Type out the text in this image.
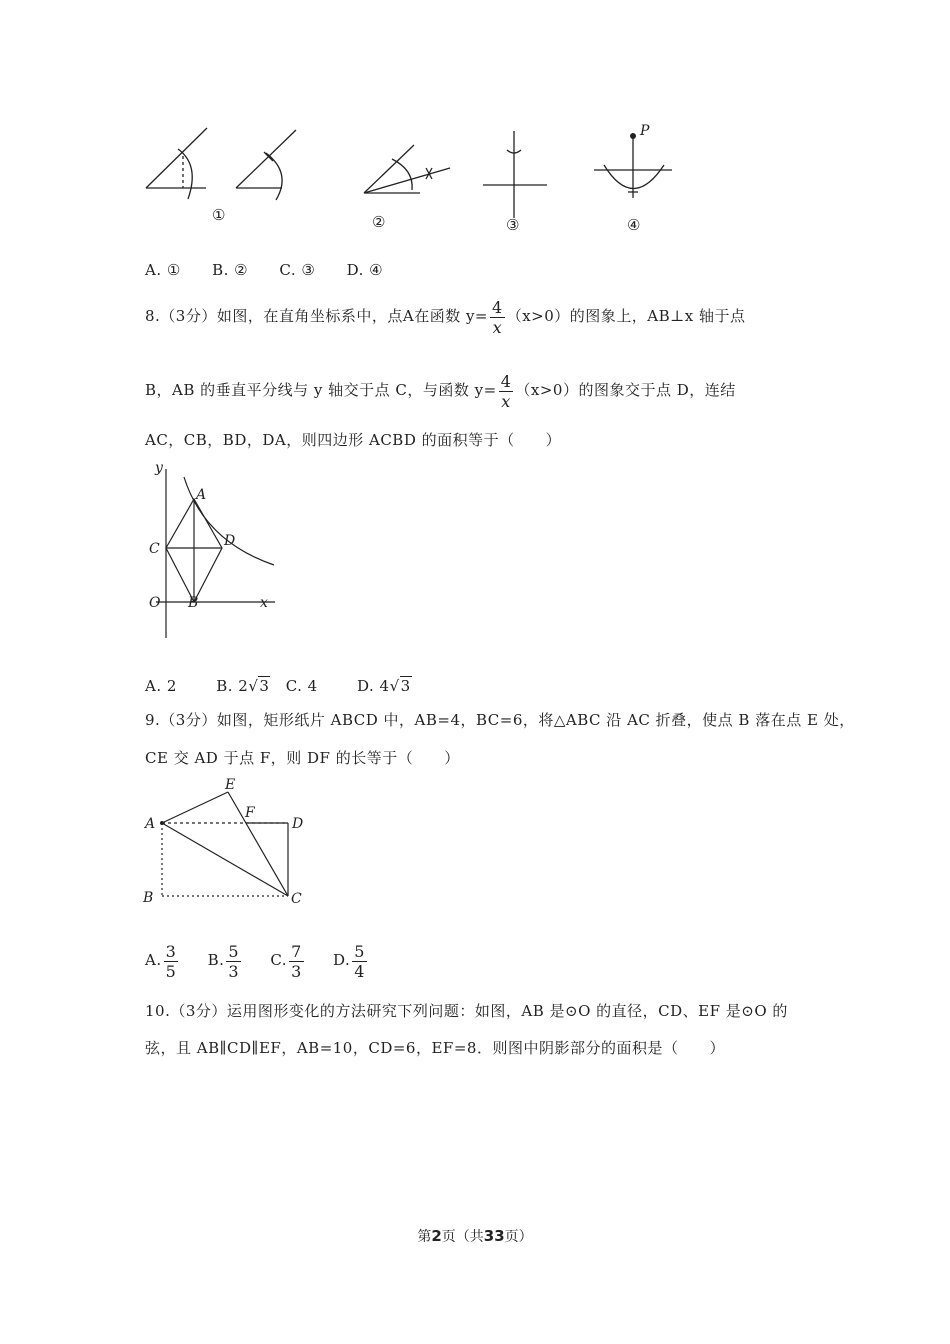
P
①	②	③	④
A. ① B. ② C. ③ D. ④
8.（3分）如图，在直角坐标系中，点A在函数 $y= \frac{4}{x} (x>0)$的图象上，AB⊥x 轴于点
B，AB 的垂直平分线与 y 轴交于点 C，与函数 $y= \frac{4}{x} (x>0)$的图象交于点 D，连结
AC，CB，BD，DA，则四边形 ACBD 的面积等于（　　）
y
x
O
A
B
C	D
A. 2	B. 2√3 C. 4	D. 4√3
9.（3分）如图，矩形纸片 ABCD 中，AB=4，BC=6，将△ABC 沿 AC 折叠，使点 B 落在点 E 处，
CE 交 AD 于点 F，则 DF 的长等于（　　）
A
B	C
D
E
F
A. $\frac{3}{5} B$. $\frac{5}{3} C$. $\frac{7}{3} D$. $\frac{5}{4}$
10.（3分）运用图形变化的方法研究下列问题：如图，AB 是⊙O 的直径，CD、EF 是⊙O 的
弦，且 AB∥CD∥EF，AB=10，CD=6，EF=8．则图中阴影部分的面积是（　　）
第2页（共33页）
